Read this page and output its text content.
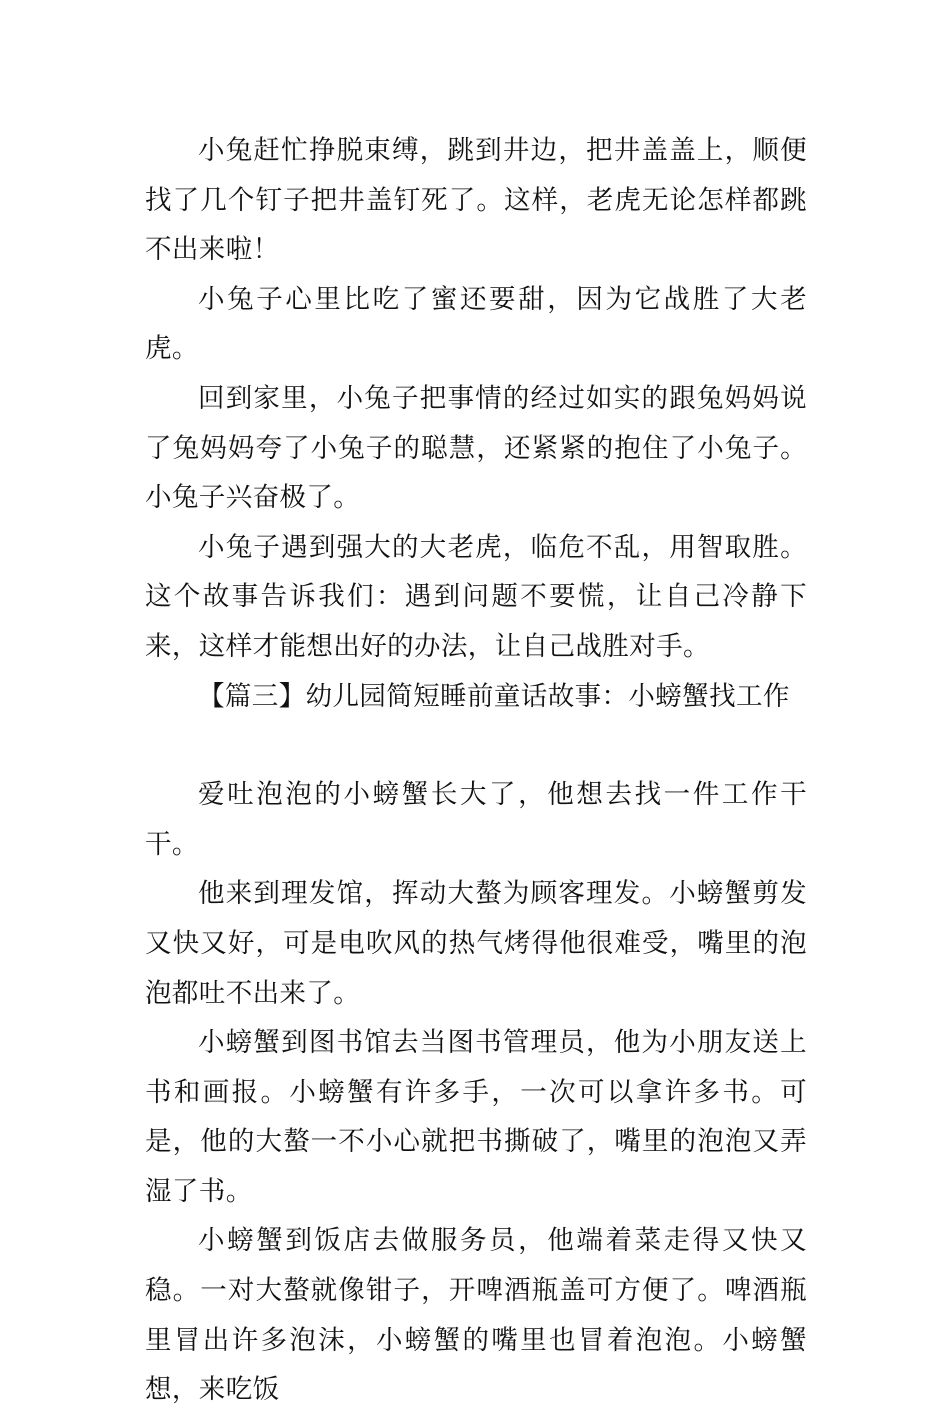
小兔赶忙挣脱束缚，跳到井边，把井盖盖上，顺便找了几个钉子把井盖钉死了。这样，老虎无论怎样都跳不出来啦！

小兔子心里比吃了蜜还要甜，因为它战胜了大老虎。

回到家里，小兔子把事情的经过如实的跟兔妈妈说了兔妈妈夸了小兔子的聪慧，还紧紧的抱住了小兔子。小兔子兴奋极了。

小兔子遇到强大的大老虎，临危不乱，用智取胜。这个故事告诉我们：遇到问题不要慌，让自己冷静下来，这样才能想出好的办法，让自己战胜对手。

【篇三】幼儿园简短睡前童话故事：小螃蟹找工作

爱吐泡泡的小螃蟹长大了，他想去找一件工作干干。

他来到理发馆，挥动大螯为顾客理发。小螃蟹剪发又快又好，可是电吹风的热气烤得他很难受，嘴里的泡泡都吐不出来了。

小螃蟹到图书馆去当图书管理员，他为小朋友送上书和画报。小螃蟹有许多手，一次可以拿许多书。可是，他的大螯一不小心就把书撕破了，嘴里的泡泡又弄湿了书。

小螃蟹到饭店去做服务员，他端着菜走得又快又稳。一对大螯就像钳子，开啤酒瓶盖可方便了。啤酒瓶里冒出许多泡沫，小螃蟹的嘴里也冒着泡泡。小螃蟹想，来吃饭
